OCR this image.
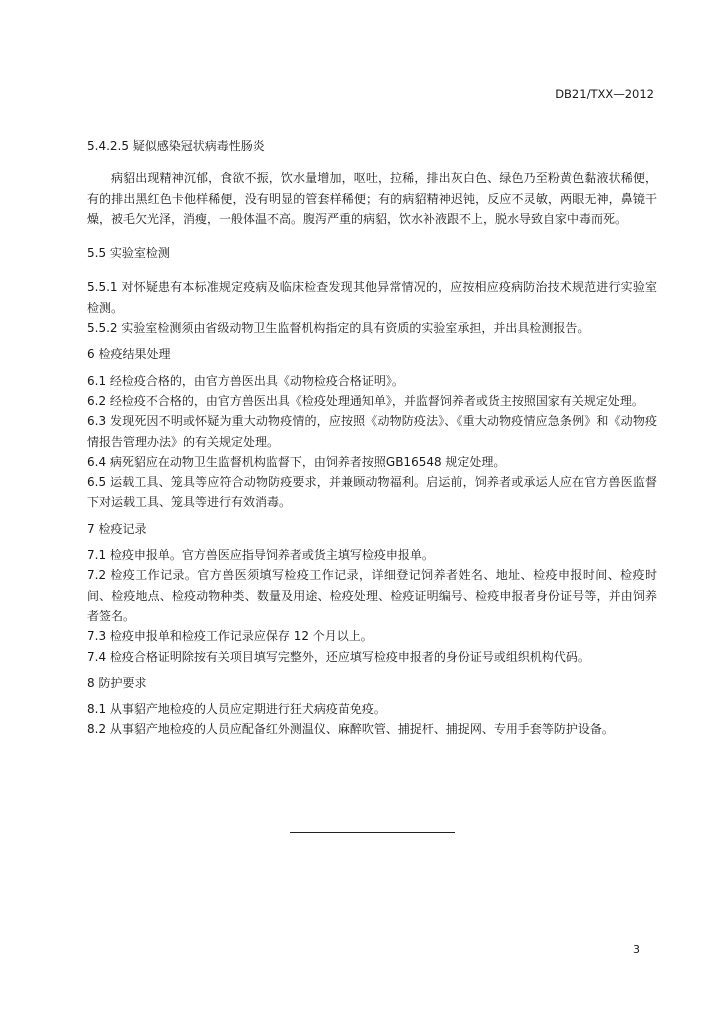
DB21/TXX—2012
5.4.2.5 疑似感染冠状病毒性肠炎

病貂出现精神沉郁，食欲不振，饮水量增加，呕吐，拉稀，排出灰白色、绿色乃至粉黄色黏液状稀便，有的排出黑红色卡他样稀便，没有明显的管套样稀便；有的病貂精神迟钝，反应不灵敏，两眼无神，鼻镜干燥，被毛欠光泽，消瘦，一般体温不高。腹泻严重的病貂，饮水补液跟不上，脱水导致自家中毒而死。

5.5 实验室检测

5.5.1 对怀疑患有本标准规定疫病及临床检查发现其他异常情况的，应按相应疫病防治技术规范进行实验室检测。

5.5.2 实验室检测须由省级动物卫生监督机构指定的具有资质的实验室承担，并出具检测报告。

6 检疫结果处理

6.1 经检疫合格的，由官方兽医出具《动物检疫合格证明》。

6.2 经检疫不合格的，由官方兽医出具《检疫处理通知单》，并监督饲养者或货主按照国家有关规定处理。

6.3 发现死因不明或怀疑为重大动物疫情的，应按照《动物防疫法》、《重大动物疫情应急条例》和《动物疫情报告管理办法》的有关规定处理。

6.4 病死貂应在动物卫生监督机构监督下，由饲养者按照GB16548 规定处理。

6.5 运载工具、笼具等应符合动物防疫要求，并兼顾动物福利。启运前，饲养者或承运人应在官方兽医监督下对运载工具、笼具等进行有效消毒。

7 检疫记录

7.1 检疫申报单。官方兽医应指导饲养者或货主填写检疫申报单。

7.2 检疫工作记录。官方兽医须填写检疫工作记录，详细登记饲养者姓名、地址、检疫申报时间、检疫时间、检疫地点、检疫动物种类、数量及用途、检疫处理、检疫证明编号、检疫申报者身份证号等，并由饲养者签名。

7.3 检疫申报单和检疫工作记录应保存 12 个月以上。

7.4 检疫合格证明除按有关项目填写完整外，还应填写检疫申报者的身份证号或组织机构代码。

8 防护要求

8.1 从事貂产地检疫的人员应定期进行狂犬病疫苗免疫。

8.2 从事貂产地检疫的人员应配备红外测温仪、麻醉吹管、捕捉杆、捕捉网、专用手套等防护设备。

3
